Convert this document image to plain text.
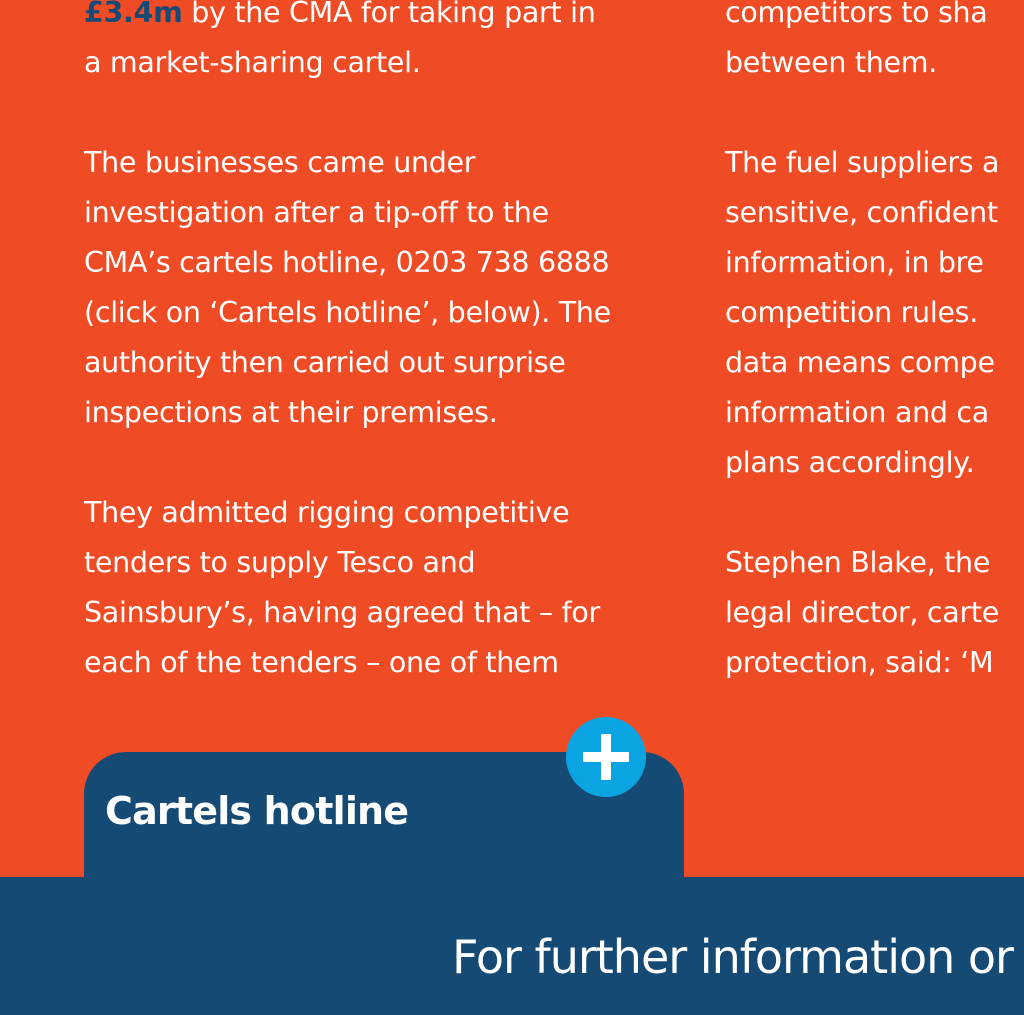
£3.4m by the CMA for taking part in
a market-sharing cartel.
The businesses came under
investigation after a tip-off to the
CMA’s cartels hotline, 0203 738 6888
(click on ‘Cartels hotline’, below). The
authority then carried out surprise
inspections at their premises.
They admitted rigging competitive
tenders to supply Tesco and
Sainsbury’s, having agreed that – for
each of the tenders – one of them
competitors to sha
between them.
The fuel suppliers a
sensitive, confident
information, in bre
competition rules.
data means compe
information and ca
plans accordingly.
Stephen Blake, the
legal director, carte
protection, said: ‘M
Cartels hotline
For further information or
